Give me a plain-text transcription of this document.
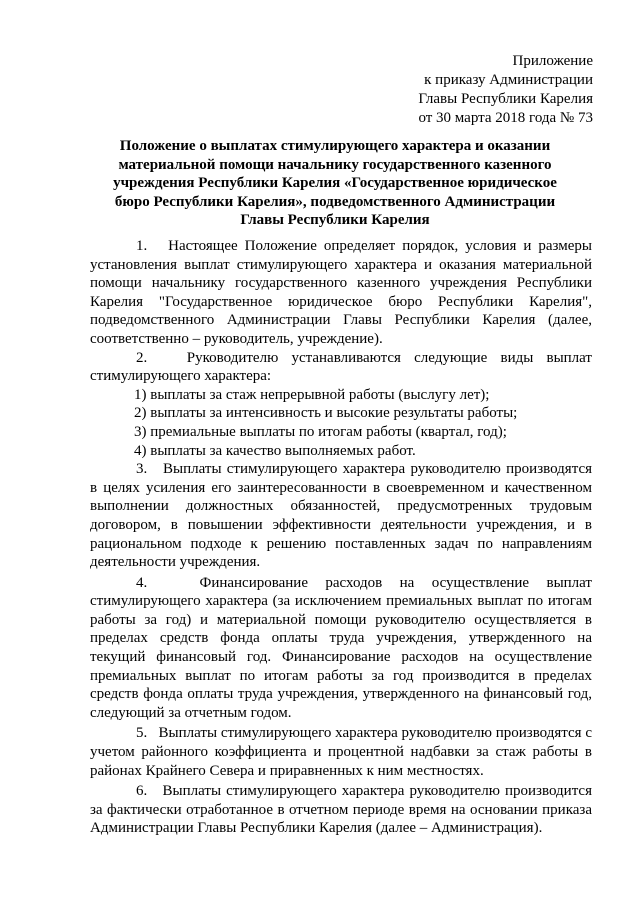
Приложение
к приказу Администрации
Главы Республики Карелия
от 30 марта 2018 года № 73
Положение о выплатах стимулирующего характера и оказании материальной помощи начальнику государственного казенного учреждения Республики Карелия «Государственное юридическое бюро Республики Карелия», подведомственного Администрации Главы Республики Карелия

1.   Настоящее Положение определяет порядок, условия и размеры установления выплат стимулирующего характера и оказания материальной помощи начальнику государственного казенного учреждения Республики Карелия "Государственное юридическое бюро Республики Карелия", подведомственного Администрации Главы Республики Карелия (далее, соответственно – руководитель, учреждение).

2.   Руководителю устанавливаются следующие виды выплат стимулирующего характера:

1) выплаты за стаж непрерывной работы (выслугу лет);
2) выплаты за интенсивность и высокие результаты работы;
3) премиальные выплаты по итогам работы (квартал, год);
4) выплаты за качество выполняемых работ.

3.   Выплаты стимулирующего характера руководителю производятся в целях усиления его заинтересованности в своевременном и качественном выполнении должностных обязанностей, предусмотренных трудовым договором, в повышении эффективности деятельности учреждения, и в рациональном подходе к решению поставленных задач по направлениям деятельности учреждения.

4.   Финансирование расходов на осуществление выплат стимулирующего характера (за исключением премиальных выплат по итогам работы за год) и материальной помощи руководителю осуществляется в пределах средств фонда оплаты труда учреждения, утвержденного на текущий финансовый год. Финансирование расходов на осуществление премиальных выплат по итогам работы за год производится в пределах средств фонда оплаты труда учреждения, утвержденного на финансовый год, следующий за отчетным годом.

5.   Выплаты стимулирующего характера руководителю производятся с учетом районного коэффициента и процентной надбавки за стаж работы в районах Крайнего Севера и приравненных к ним местностях.

6.   Выплаты стимулирующего характера руководителю производится за фактически отработанное в отчетном периоде время на основании приказа Администрации Главы Республики Карелия (далее – Администрация).
